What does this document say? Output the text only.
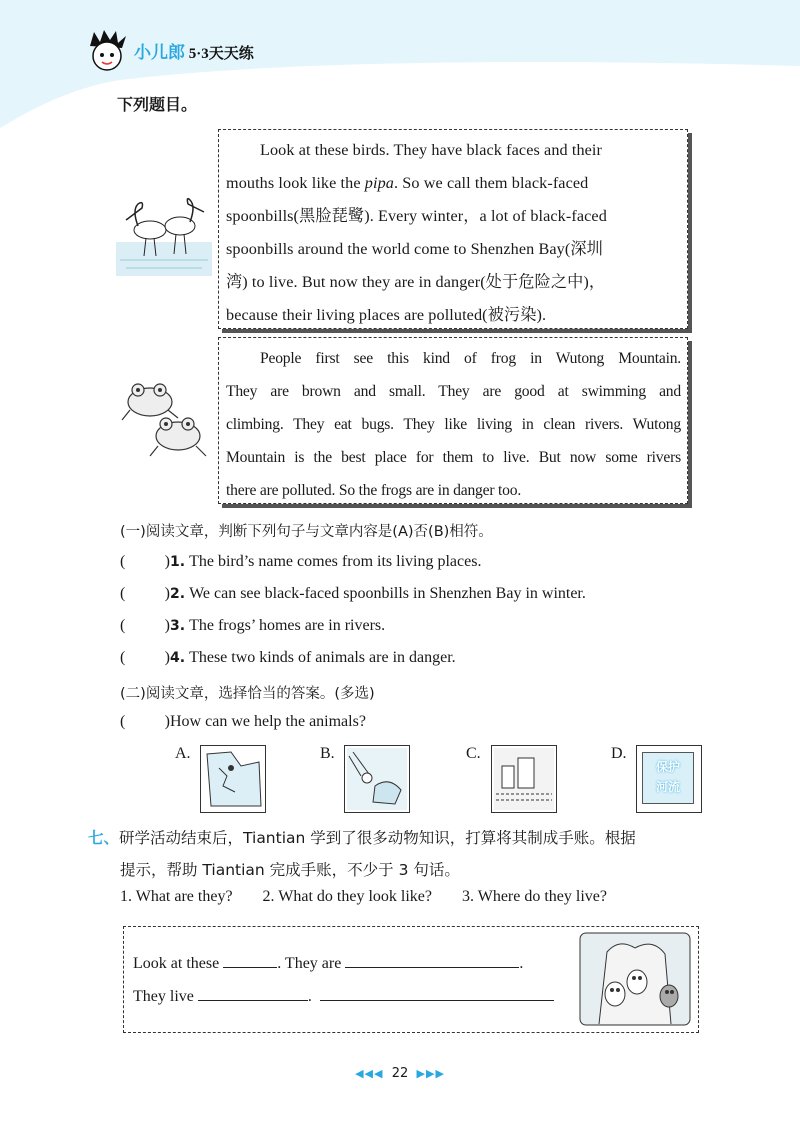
小儿郎 5·3天天练
下列题目。
Look at these birds. They have black faces and their
mouths look like the pipa. So we call them black-faced
spoonbills(黑脸琵鹭). Every winter，a lot of black-faced
spoonbills around the world come to Shenzhen Bay(深圳
湾) to live. But now they are in danger(处于危险之中)，
because their living places are polluted(被污染).
People first see this kind of frog in Wutong Mountain.
They are brown and small. They are good at swimming and
climbing. They eat bugs. They like living in clean rivers. Wutong
Mountain is the best place for them to live. But now some rivers
there are polluted. So the frogs are in danger too.
(一)阅读文章，判断下列句子与文章内容是(A)否(B)相符。
( ) 1. The bird’s name comes from its living places.
( ) 2. We can see black-faced spoonbills in Shenzhen Bay in winter.
( ) 3. The frogs’ homes are in rivers.
( ) 4. These two kinds of animals are in danger.
(二)阅读文章，选择恰当的答案。(多选)
( ) How can we help the animals?
A.	B.	C.	D.
保护
河流
七、研学活动结束后，Tiantian 学到了很多动物知识，打算将其制成手账。根据
提示，帮助 Tiantian 完成手账，不少于 3 句话。
1. What are they? 2. What do they look like? 3. Where do they live?
Look at these	. They are	.
They live	.
◀◀◀ 22 ▶▶▶
